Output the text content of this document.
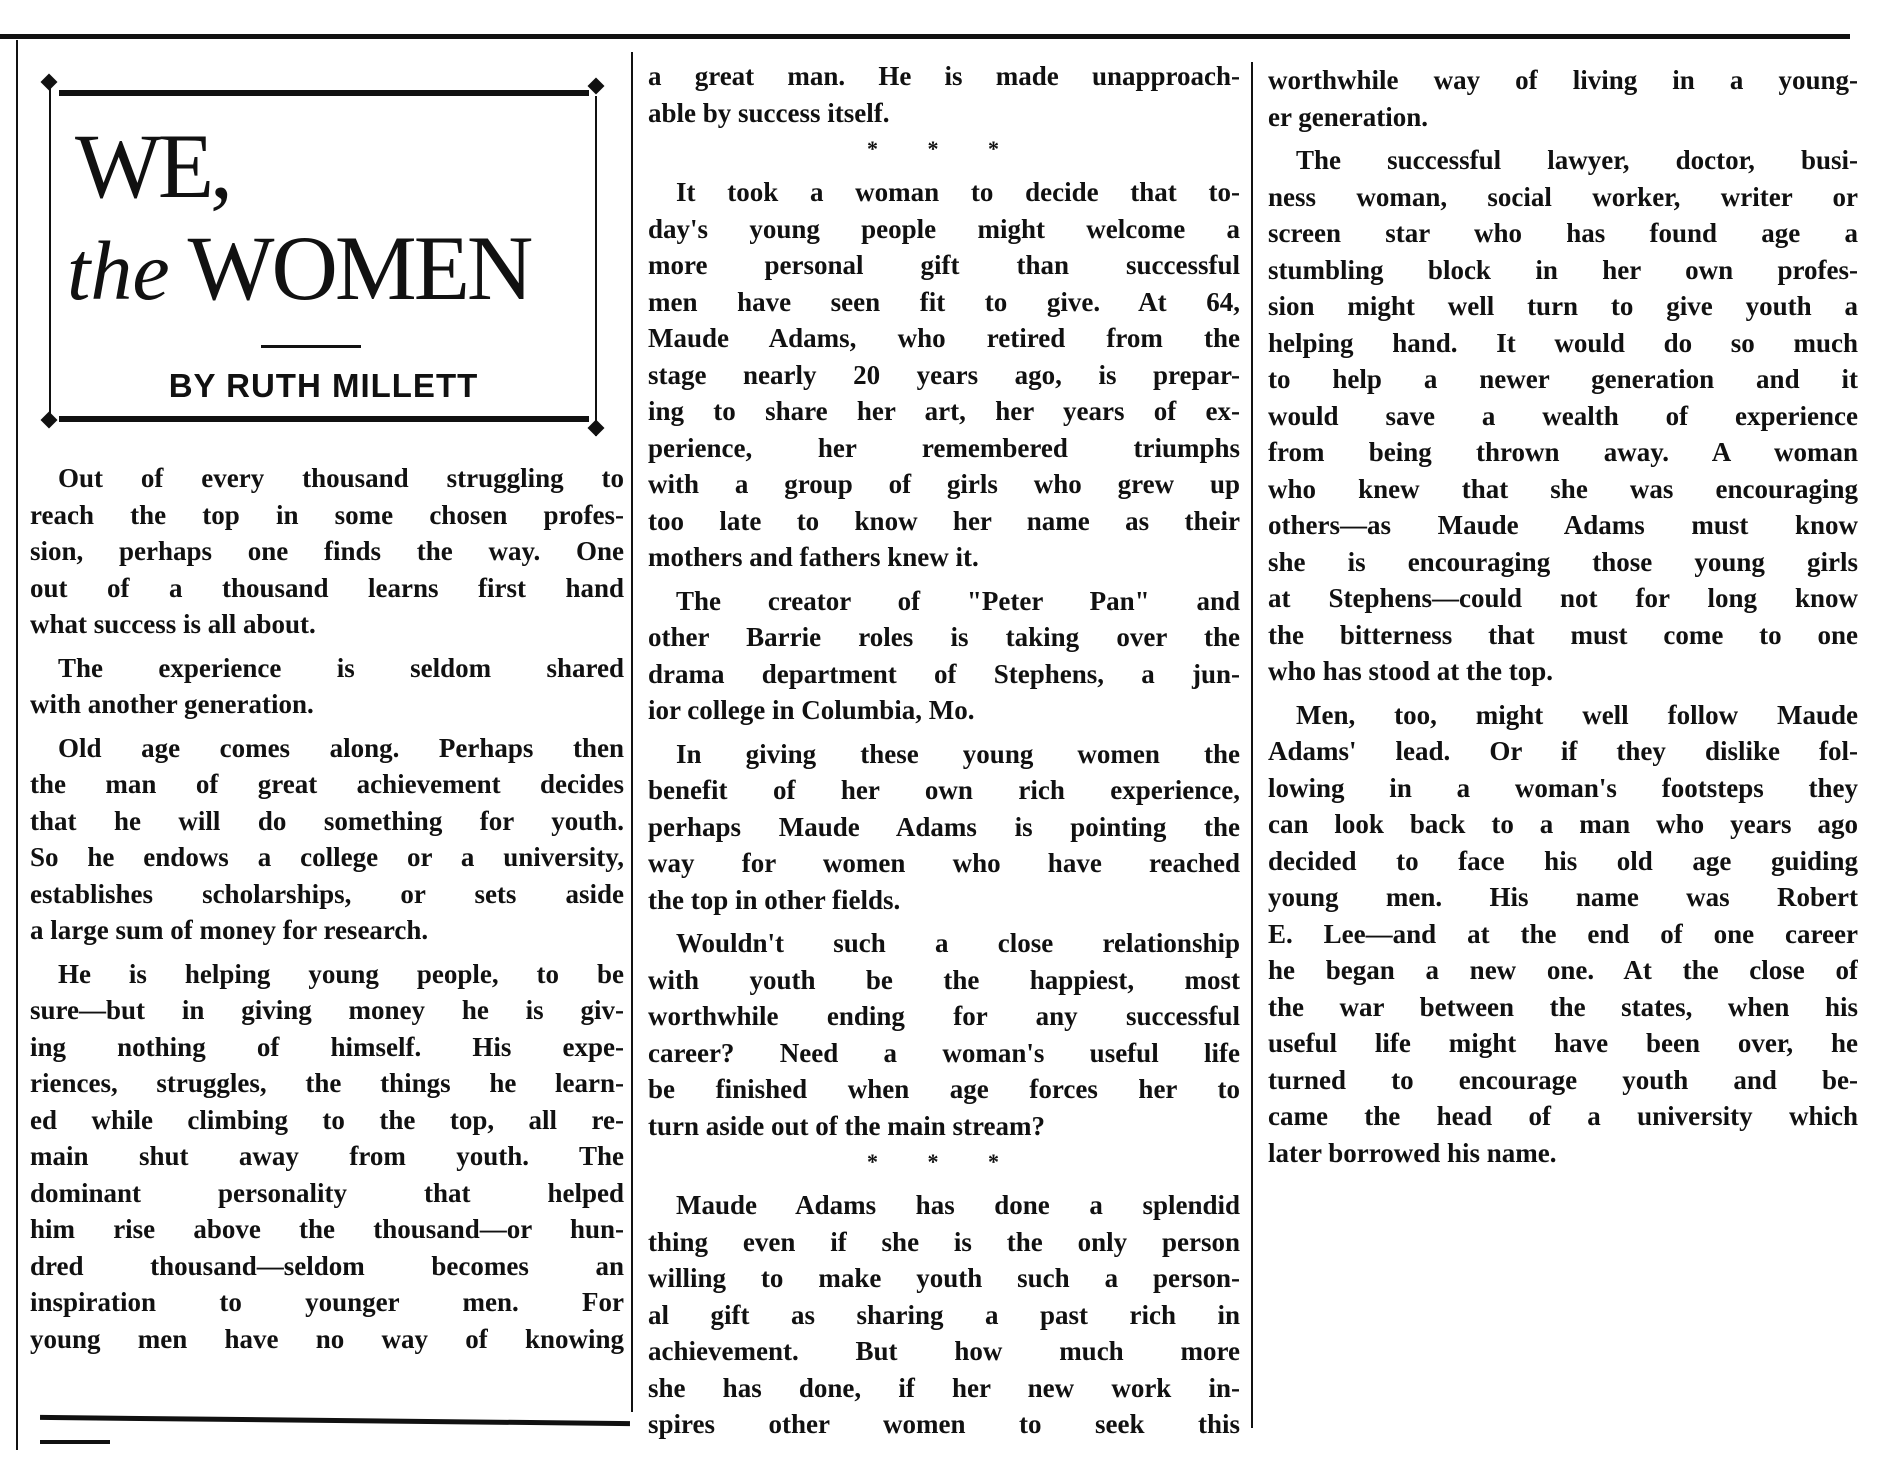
WE,
the WOMEN
BY RUTH MILLETT
Out of every thousand struggling to
reach the top in some chosen profes-
sion, perhaps one finds the way. One
out of a thousand learns first hand
what success is all about.
The experience is seldom shared
with another generation.
Old age comes along. Perhaps then
the man of great achievement decides
that he will do something for youth.
So he endows a college or a university,
establishes scholarships, or sets aside
a large sum of money for research.
He is helping young people, to be
sure—but in giving money he is giv-
ing nothing of himself. His expe-
riences, struggles, the things he learn-
ed while climbing to the top, all re-
main shut away from youth. The
dominant personality that helped
him rise above the thousand—or hun-
dred thousand—seldom becomes an
inspiration to younger men. For
young men have no way of knowing
a great man. He is made unapproach-
able by success itself.
* * *
It took a woman to decide that to-
day's young people might welcome a
more personal gift than successful
men have seen fit to give. At 64,
Maude Adams, who retired from the
stage nearly 20 years ago, is prepar-
ing to share her art, her years of ex-
perience, her remembered triumphs
with a group of girls who grew up
too late to know her name as their
mothers and fathers knew it.
The creator of "Peter Pan" and
other Barrie roles is taking over the
drama department of Stephens, a jun-
ior college in Columbia, Mo.
In giving these young women the
benefit of her own rich experience,
perhaps Maude Adams is pointing the
way for women who have reached
the top in other fields.
Wouldn't such a close relationship
with youth be the happiest, most
worthwhile ending for any successful
career? Need a woman's useful life
be finished when age forces her to
turn aside out of the main stream?
* * *
Maude Adams has done a splendid
thing even if she is the only person
willing to make youth such a person-
al gift as sharing a past rich in
achievement. But how much more
she has done, if her new work in-
spires other women to seek this
worthwhile way of living in a young-
er generation.
The successful lawyer, doctor, busi-
ness woman, social worker, writer or
screen star who has found age a
stumbling block in her own profes-
sion might well turn to give youth a
helping hand. It would do so much
to help a newer generation and it
would save a wealth of experience
from being thrown away. A woman
who knew that she was encouraging
others—as Maude Adams must know
she is encouraging those young girls
at Stephens—could not for long know
the bitterness that must come to one
who has stood at the top.
Men, too, might well follow Maude
Adams' lead. Or if they dislike fol-
lowing in a woman's footsteps they
can look back to a man who years ago
decided to face his old age guiding
young men. His name was Robert
E. Lee—and at the end of one career
he began a new one. At the close of
the war between the states, when his
useful life might have been over, he
turned to encourage youth and be-
came the head of a university which
later borrowed his name.
